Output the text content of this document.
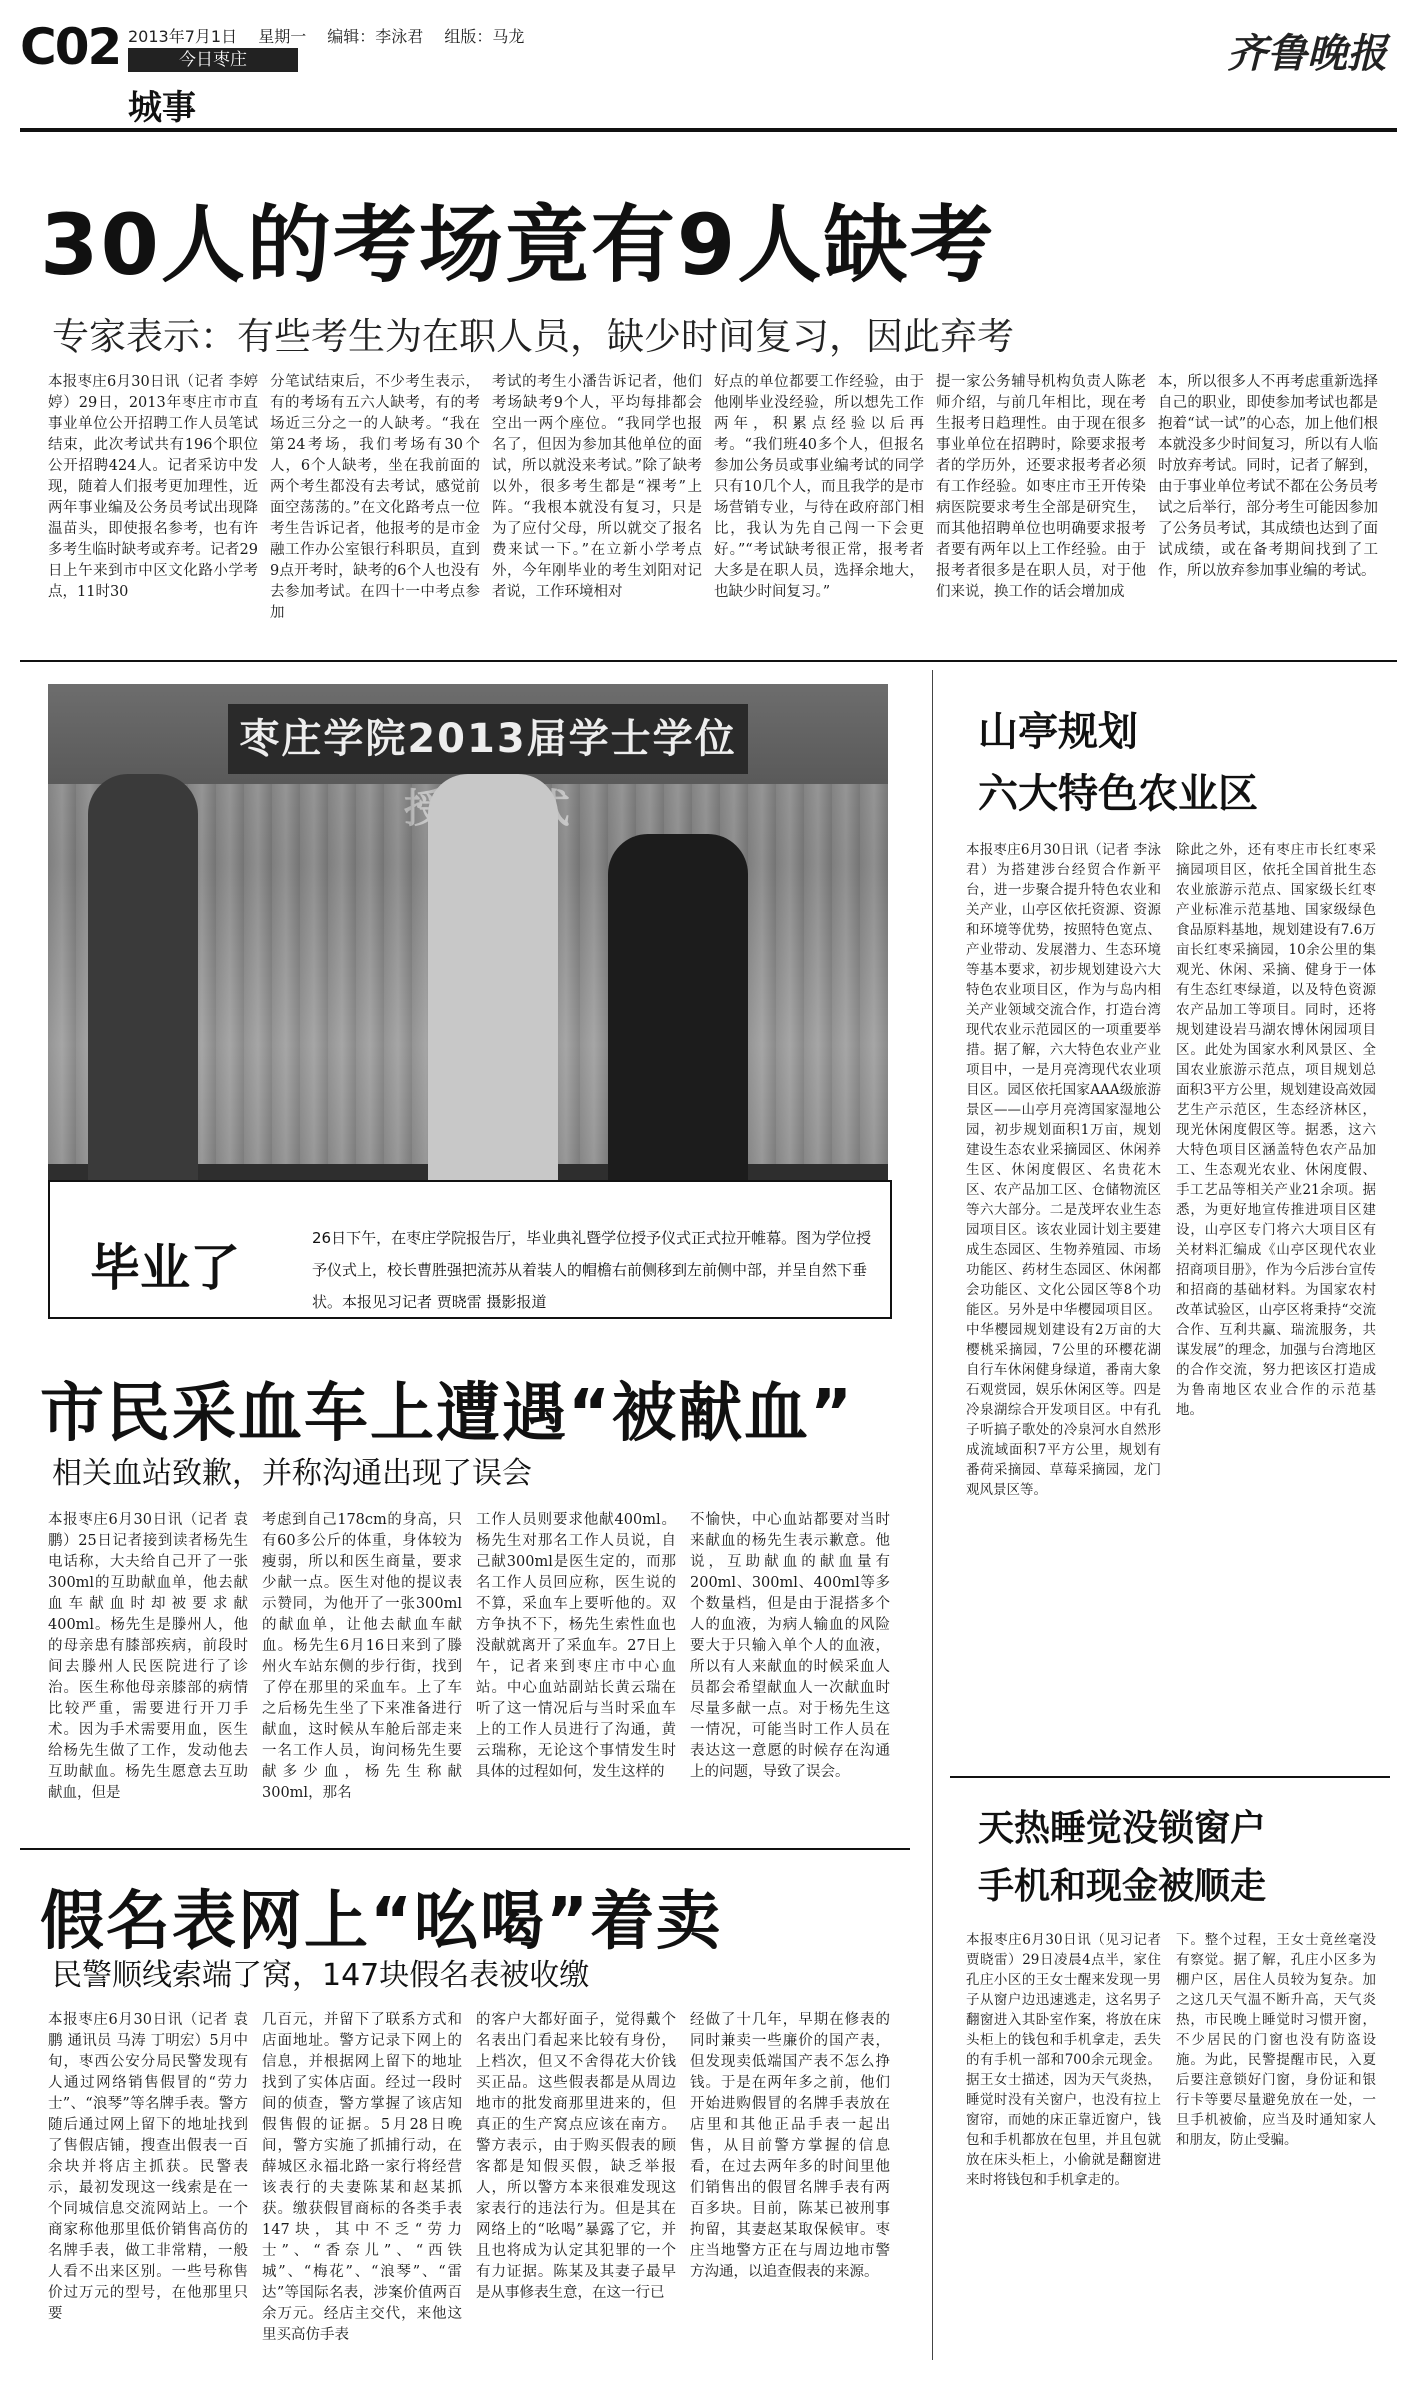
C02 2013年7月1日 星期一 编辑：李泳君 组版：马龙
今日枣庄
城事
齐鲁晚报
30人的考场竟有9人缺考
专家表示：有些考生为在职人员，缺少时间复习，因此弃考
本报枣庄6月30日讯（记者 李婷婷）29日，2013年枣庄市市直事业单位公开招聘工作人员笔试结束，此次考试共有196个职位公开招聘424人。记者采访中发现，随着人们报考更加理性，近两年事业编及公务员考试出现降温苗头，即使报名参考，也有许多考生临时缺考或弃考。记者29日上午来到市中区文化路小学考点，11时30
分笔试结束后，不少考生表示，有的考场有五六人缺考，有的考场近三分之一的人缺考。“我在第24考场，我们考场有30个人，6个人缺考，坐在我前面的两个考生都没有去考试，感觉前面空荡荡的。”在文化路考点一位考生告诉记者，他报考的是市金融工作办公室银行科职员，直到9点开考时，缺考的6个人也没有去参加考试。在四十一中考点参加
考试的考生小潘告诉记者，他们考场缺考9个人，平均每排都会空出一两个座位。“我同学也报名了，但因为参加其他单位的面试，所以就没来考试。”除了缺考以外，很多考生都是“裸考”上阵。“我根本就没有复习，只是为了应付父母，所以就交了报名费来试一下。”在立新小学考点外，今年刚毕业的考生刘阳对记者说，工作环境相对
好点的单位都要工作经验，由于他刚毕业没经验，所以想先工作两年，积累点经验以后再考。“我们班40多个人，但报名参加公务员或事业编考试的同学只有10几个人，而且我学的是市场营销专业，与待在政府部门相比，我认为先自己闯一下会更好。”“考试缺考很正常，报考者大多是在职人员，选择余地大，也缺少时间复习。”
提一家公务辅导机构负责人陈老师介绍，与前几年相比，现在考生报考日趋理性。由于现在很多事业单位在招聘时，除要求报考者的学历外，还要求报考者必须有工作经验。如枣庄市王开传染病医院要求考生全部是研究生，而其他招聘单位也明确要求报考者要有两年以上工作经验。由于报考者很多是在职人员，对于他们来说，换工作的话会增加成
本，所以很多人不再考虑重新选择自己的职业，即使参加考试也都是抱着“试一试”的心态，加上他们根本就没多少时间复习，所以有人临时放弃考试。同时，记者了解到，由于事业单位考试不都在公务员考试之后举行，部分考生可能因参加了公务员考试，其成绩也达到了面试成绩，或在备考期间找到了工作，所以放弃参加事业编的考试。
枣庄学院2013届学士学位
毕业了
26日下午，在枣庄学院报告厅，毕业典礼暨学位授予仪式正式拉开帷幕。图为学位授予仪式上，校长曹胜强把流苏从着装人的帽檐右前侧移到左前侧中部，并呈自然下垂状。本报见习记者 贾晓雷 摄影报道
市民采血车上遭遇“被献血”
相关血站致歉，并称沟通出现了误会
本报枣庄6月30日讯（记者 袁鹏）25日记者接到读者杨先生电话称，大夫给自己开了一张300ml的互助献血单，他去献血车献血时却被要求献400ml。杨先生是滕州人，他的母亲患有膝部疾病，前段时间去滕州人民医院进行了诊治。医生称他母亲膝部的病情比较严重，需要进行开刀手术。因为手术需要用血，医生给杨先生做了工作，发动他去互助献血。杨先生愿意去互助献血，但是
考虑到自己178cm的身高，只有60多公斤的体重，身体较为瘦弱，所以和医生商量，要求少献一点。医生对他的提议表示赞同，为他开了一张300ml的献血单，让他去献血车献血。杨先生6月16日来到了滕州火车站东侧的步行街，找到了停在那里的采血车。上了车之后杨先生坐了下来准备进行献血，这时候从车舱后部走来一名工作人员，询问杨先生要献多少血，杨先生称献300ml，那名
工作人员则要求他献400ml。杨先生对那名工作人员说，自己献300ml是医生定的，而那名工作人员回应称，医生说的不算，采血车上要听他的。双方争执不下，杨先生索性血也没献就离开了采血车。27日上午，记者来到枣庄市中心血站。中心血站副站长黄云瑞在听了这一情况后与当时采血车上的工作人员进行了沟通，黄云瑞称，无论这个事情发生时具体的过程如何，发生这样的
不愉快，中心血站都要对当时来献血的杨先生表示歉意。他说，互助献血的献血量有200ml、300ml、400ml等多个数量档，但是由于混搭多个人的血液，为病人输血的风险要大于只输入单个人的血液，所以有人来献血的时候采血人员都会希望献血人一次献血时尽量多献一点。对于杨先生这一情况，可能当时工作人员在表达这一意愿的时候存在沟通上的问题，导致了误会。
假名表网上“吆喝”着卖
民警顺线索端了窝，147块假名表被收缴
本报枣庄6月30日讯（记者 袁鹏 通讯员 马涛 丁明宏）5月中旬，枣西公安分局民警发现有人通过网络销售假冒的“劳力士”、“浪琴”等名牌手表。警方随后通过网上留下的地址找到了售假店铺，搜查出假表一百余块并将店主抓获。民警表示，最初发现这一线索是在一个同城信息交流网站上。一个商家称他那里低价销售高仿的名牌手表，做工非常精，一般人看不出来区别。一些号称售价过万元的型号，在他那里只要
几百元，并留下了联系方式和店面地址。警方记录下网上的信息，并根据网上留下的地址找到了实体店面。经过一段时间的侦查，警方掌握了该店知假售假的证据。5月28日晚间，警方实施了抓捕行动，在薛城区永福北路一家行将经营该表行的夫妻陈某和赵某抓获。缴获假冒商标的各类手表147块，其中不乏“劳力士”、“香奈儿”、“西铁城”、“梅花”、“浪琴”、“雷达”等国际名表，涉案价值两百余万元。经店主交代，来他这里买高仿手表
的客户大都好面子，觉得戴个名表出门看起来比较有身份，上档次，但又不舍得花大价钱买正品。这些假表都是从周边地市的批发商那里进来的，但真正的生产窝点应该在南方。警方表示，由于购买假表的顾客都是知假买假，缺乏举报人，所以警方本来很难发现这家表行的违法行为。但是其在网络上的“吆喝”暴露了它，并且也将成为认定其犯罪的一个有力证据。陈某及其妻子最早是从事修表生意，在这一行已
经做了十几年，早期在修表的同时兼卖一些廉价的国产表，但发现卖低端国产表不怎么挣钱。于是在两年多之前，他们开始进购假冒的名牌手表放在店里和其他正品手表一起出售，从目前警方掌握的信息看，在过去两年多的时间里他们销售出的假冒名牌手表有两百多块。目前，陈某已被刑事拘留，其妻赵某取保候审。枣庄当地警方正在与周边地市警方沟通，以追查假表的来源。
山亭规划
六大特色农业区
本报枣庄6月30日讯（记者 李泳君）为搭建涉台经贸合作新平台，进一步聚合提升特色农业和关产业，山亭区依托资源、资源和环境等优势，按照特色宽点、产业带动、发展潜力、生态环境等基本要求，初步规划建设六大特色农业项目区，作为与岛内相关产业领域交流合作，打造台湾现代农业示范园区的一项重要举措。据了解，六大特色农业产业项目中，一是月亮湾现代农业项目区。园区依托国家AAA级旅游景区——山亭月亮湾国家湿地公园，初步规划面积1万亩，规划建设生态农业采摘园区、休闲养生区、休闲度假区、名贵花木区、农产品加工区、仓储物流区等六大部分。二是茂坪农业生态园项目区。该农业园计划主要建成生态园区、生物养殖园、市场功能区、药材生态园区、休闲都会功能区、文化公园区等8个功能区。另外是中华樱园项目区。中华樱园规划建设有2万亩的大樱桃采摘园，7公里的环樱花湖自行车休闲健身绿道，番南大象石观赏园，娱乐休闲区等。四是冷泉湖综合开发项目区。中有孔子听搞子歌处的冷泉河水自然形成流域面积7平方公里，规划有番荷采摘园、草莓采摘园，龙门观风景区等。
除此之外，还有枣庄市长红枣采摘园项目区，依托全国首批生态农业旅游示范点、国家级长红枣产业标准示范基地、国家级绿色食品原料基地，规划建设有7.6万亩长红枣采摘园，10余公里的集观光、休闲、采摘、健身于一体有生态红枣绿道，以及特色资源农产品加工等项目。同时，还将规划建设岩马湖农博休闲园项目区。此处为国家水利风景区、全国农业旅游示范点，项目规划总面积3平方公里，规划建设高效园艺生产示范区，生态经济林区，现光休闲度假区等。据悉，这六大特色项目区涵盖特色农产品加工、生态观光农业、休闲度假、手工艺品等相关产业21余项。据悉，为更好地宣传推进项目区建设，山亭区专门将六大项目区有关材料汇编成《山亭区现代农业招商项目册》，作为今后涉台宣传和招商的基础材料。为国家农村改革试验区，山亭区将秉持“交流合作、互利共赢、瑞流服务，共谋发展”的理念，加强与台湾地区的合作交流，努力把该区打造成为鲁南地区农业合作的示范基地。
天热睡觉没锁窗户
手机和现金被顺走
本报枣庄6月30日讯（见习记者 贾晓雷）29日凌晨4点半，家住孔庄小区的王女士醒来发现一男子从窗户边迅速逃走，这名男子翻窗进入其卧室作案，将放在床头柜上的钱包和手机拿走，丢失的有手机一部和700余元现金。据王女士描述，因为天气炎热，睡觉时没有关窗户，也没有拉上窗帘，而她的床正靠近窗户，钱包和手机都放在包里，并且包就放在床头柜上，小偷就是翻窗进来时将钱包和手机拿走的。
下。整个过程，王女士竟丝毫没有察觉。据了解，孔庄小区多为棚户区，居住人员较为复杂。加之这几天气温不断升高，天气炎热，市民晚上睡觉时习惯开窗，不少居民的门窗也没有防盗设施。为此，民警提醒市民，入夏后要注意锁好门窗，身份证和银行卡等要尽量避免放在一处，一旦手机被偷，应当及时通知家人和朋友，防止受骗。
